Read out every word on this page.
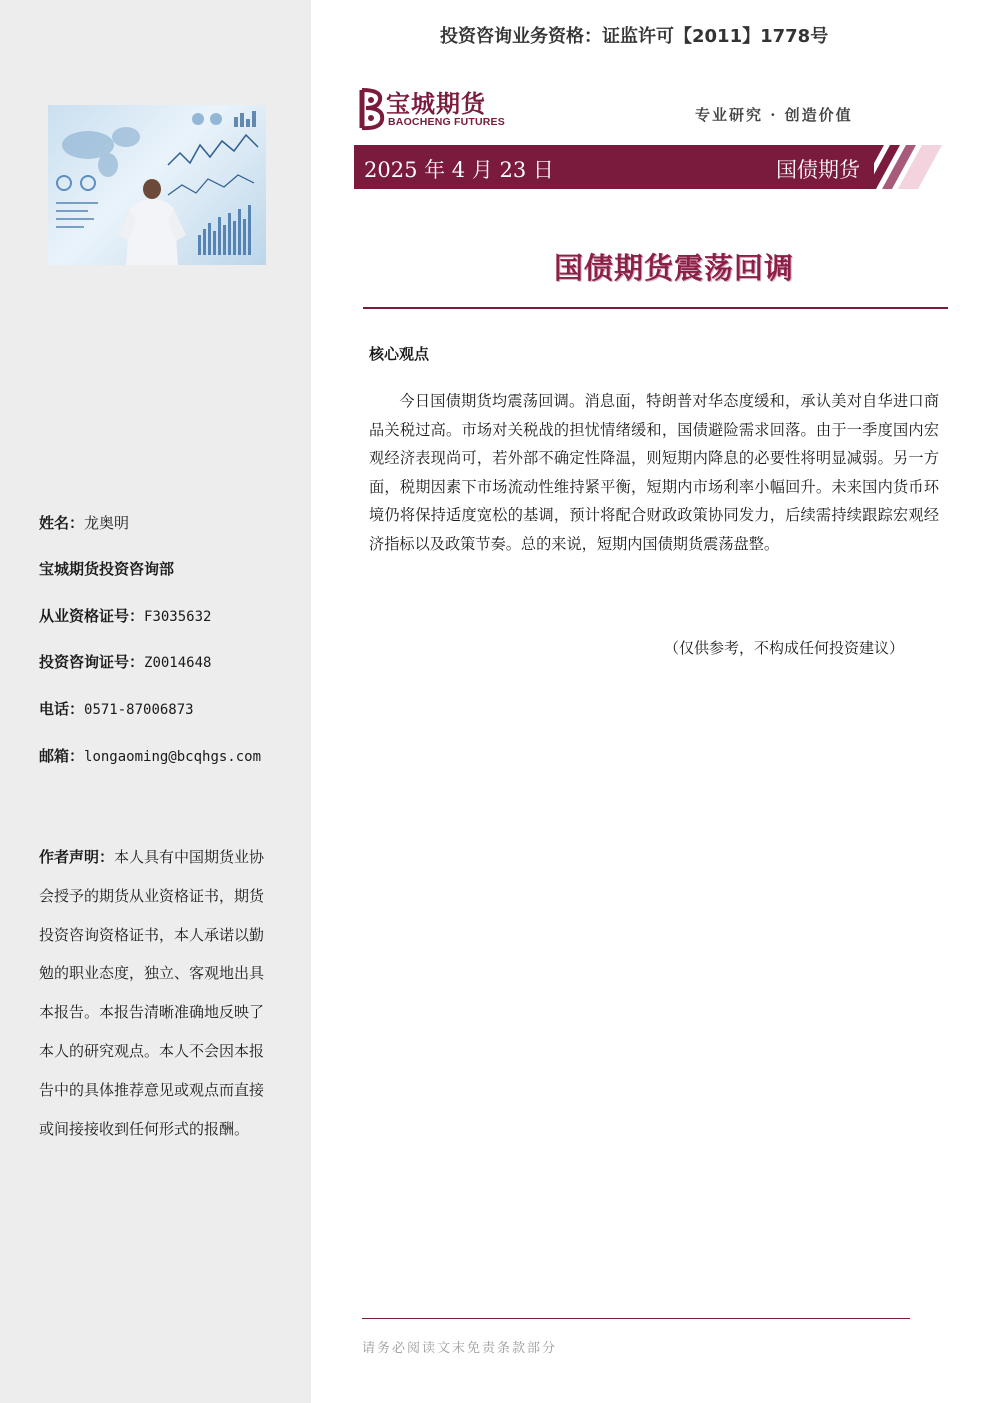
姓名：龙奥明
宝城期货投资咨询部
从业资格证号：F3035632
投资咨询证号：Z0014648
电话：0571-87006873
邮箱：longaoming@bcqhgs.com
作者声明：本人具有中国期货业协会授予的期货从业资格证书，期货投资咨询资格证书，本人承诺以勤勉的职业态度，独立、客观地出具本报告。本报告清晰准确地反映了本人的研究观点。本人不会因本报告中的具体推荐意见或观点而直接或间接接收到任何形式的报酬。
投资咨询业务资格：证监许可【2011】1778号
宝城期货
BAOCHENG FUTURES	专业研究 · 创造价值
2025 年 4 月 23 日	国债期货
国债期货震荡回调
核心观点
今日国债期货均震荡回调。消息面，特朗普对华态度缓和，承认美对自华进口商品关税过高。市场对关税战的担忧情绪缓和，国债避险需求回落。由于一季度国内宏观经济表现尚可，若外部不确定性降温，则短期内降息的必要性将明显减弱。另一方面，税期因素下市场流动性维持紧平衡，短期内市场利率小幅回升。未来国内货币环境仍将保持适度宽松的基调，预计将配合财政政策协同发力，后续需持续跟踪宏观经济指标以及政策节奏。总的来说，短期内国债期货震荡盘整。
（仅供参考，不构成任何投资建议）
请务必阅读文末免责条款部分
